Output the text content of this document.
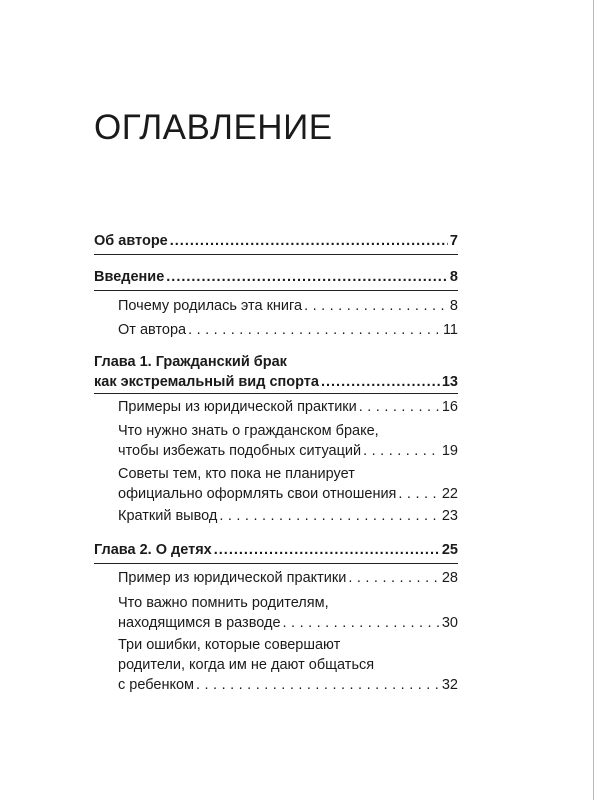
ОГЛАВЛЕНИЕ
Об авторе .....	7
Введение .....	8
Почему родилась эта книга .....	8
От автора .....	11
Глава 1. Гражданский брак
как экстремальный вид спорта .....	13
Примеры из юридической практики .....	16
Что нужно знать о гражданском браке,
чтобы избежать подобных ситуаций .....	19
Советы тем, кто пока не планирует
официально оформлять свои отношения .....	22
Краткий вывод .....	23
Глава 2. О детях .....	25
Пример из юридической практики .....	28
Что важно помнить родителям,
находящимся в разводе .....	30
Три ошибки, которые совершают
родители, когда им не дают общаться
с ребенком .....	32
